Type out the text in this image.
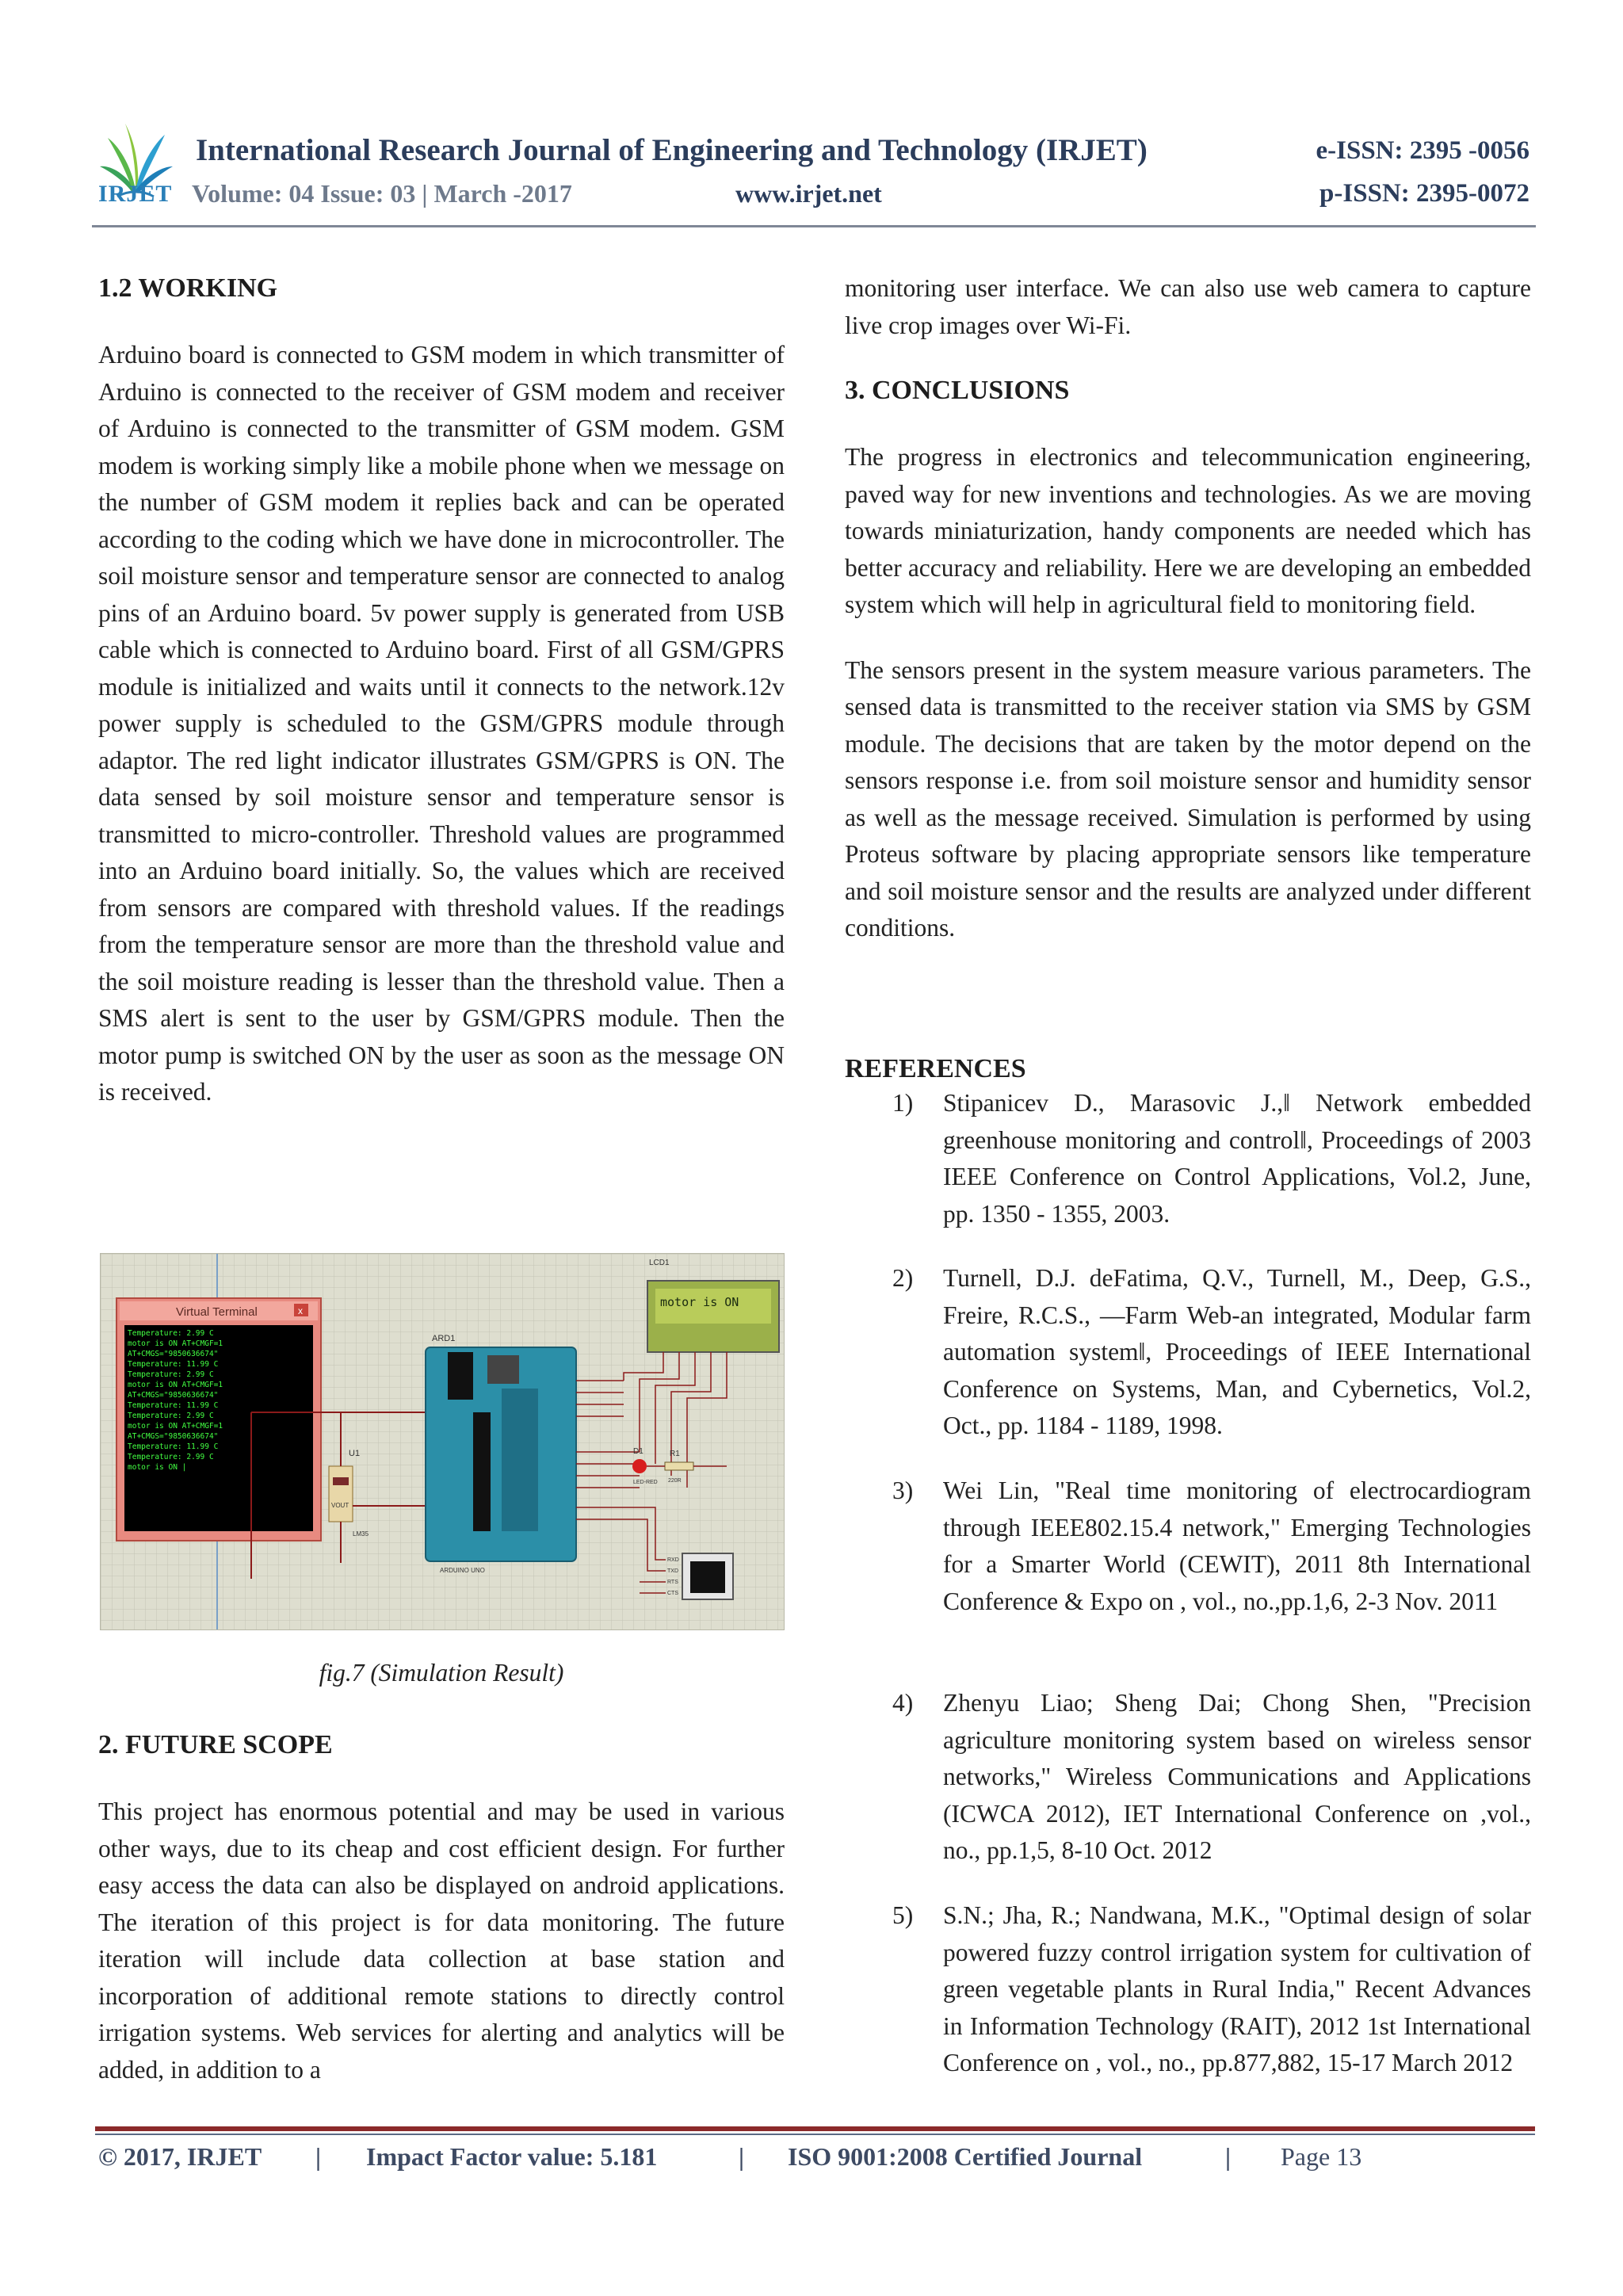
IRJET
International Research Journal of Engineering and Technology (IRJET)	e-ISSN: 2395 -0056
Volume: 04 Issue: 03 | March -2017	www.irjet.net	p-ISSN: 2395-0072
1.2 WORKING

Arduino board is connected to GSM modem in which transmitter of Arduino is connected to the receiver of GSM modem and receiver of Arduino is connected to the transmitter of GSM modem. GSM modem is working simply like a mobile phone when we message on the number of GSM modem it replies back and can be operated according to the coding which we have done in microcontroller. The soil moisture sensor and temperature sensor are connected to analog pins of an Arduino board. 5v power supply is generated from USB cable which is connected to Arduino board. First of all GSM/GPRS module is initialized and waits until it connects to the network.12v power supply is scheduled to the GSM/GPRS module through adaptor. The red light indicator illustrates GSM/GPRS is ON. The data sensed by soil moisture sensor and temperature sensor is transmitted to micro-controller. Threshold values are programmed into an Arduino board initially. So, the values which are received from sensors are compared with threshold values. If the readings from the temperature sensor are more than the threshold value and the soil moisture reading is lesser than the threshold value. Then a SMS alert is sent to the user by GSM/GPRS module. Then the motor pump is switched ON by the user as soon as the message ON is received.

Virtual Terminal	x
Temperature: 2.99 C
motor is ON AT+CMGF=1
AT+CMGS="9850636674"
Temperature: 11.99 C
Temperature: 2.99 C
motor is ON AT+CMGF=1
AT+CMGS="9850636674"
Temperature: 11.99 C
Temperature: 2.99 C
motor is ON AT+CMGF=1
AT+CMGS="9850636674"
Temperature: 11.99 C
Temperature: 2.99 C
motor is ON |
U1
VOUT
LM35
ARD1
ARDUINO UNO
LCD1
motor is ON
D1
LED-RED
R1
220R
RXD
TXD
RTS
CTS
fig.7 (Simulation Result)
2. FUTURE SCOPE

This project has enormous potential and may be used in various other ways, due to its cheap and cost efficient design. For further easy access the data can also be displayed on android applications. The iteration of this project is for data monitoring. The future iteration will include data collection at base station and incorporation of additional remote stations to directly control irrigation systems. Web services for alerting and analytics will be added, in addition to a

monitoring user interface. We can also use web camera to capture live crop images over Wi-Fi.

3. CONCLUSIONS

The progress in electronics and telecommunication engineering, paved way for new inventions and technologies. As we are moving towards miniaturization, handy components are needed which has better accuracy and reliability. Here we are developing an embedded system which will help in agricultural field to monitoring field.

The sensors present in the system measure various parameters. The sensed data is transmitted to the receiver station via SMS by GSM module. The decisions that are taken by the motor depend on the sensors response i.e. from soil moisture sensor and humidity sensor as well as the message received. Simulation is performed by using Proteus software by placing appropriate sensors like temperature and soil moisture sensor and the results are analyzed under different conditions.

REFERENCES
1) Stipanicev D., Marasovic J.,‖ Network embedded greenhouse monitoring and control‖, Proceedings of 2003 IEEE Conference on Control Applications, Vol.2, June, pp. 1350 - 1355, 2003.
2) Turnell, D.J. deFatima, Q.V., Turnell, M., Deep, G.S., Freire, R.C.S., ―Farm Web-an integrated, Modular farm automation system‖, Proceedings of IEEE International Conference on Systems, Man, and Cybernetics, Vol.2, Oct., pp. 1184 - 1189, 1998.
3) Wei Lin, "Real time monitoring of electrocardiogram through IEEE802.15.4 network," Emerging Technologies for a Smarter World (CEWIT), 2011 8th International Conference & Expo on , vol., no.,pp.1,6, 2-3 Nov. 2011
4) Zhenyu Liao; Sheng Dai; Chong Shen, "Precision agriculture monitoring system based on wireless sensor networks," Wireless Communications and Applications (ICWCA 2012), IET International Conference on ,vol., no., pp.1,5, 8-10 Oct. 2012
5) S.N.; Jha, R.; Nandwana, M.K., "Optimal design of solar powered fuzzy control irrigation system for cultivation of green vegetable plants in Rural India," Recent Advances in Information Technology (RAIT), 2012 1st International Conference on , vol., no., pp.877,882, 15-17 March 2012
© 2017, IRJET | Impact Factor value: 5.181	| ISO 9001:2008 Certified Journal	| Page 13
